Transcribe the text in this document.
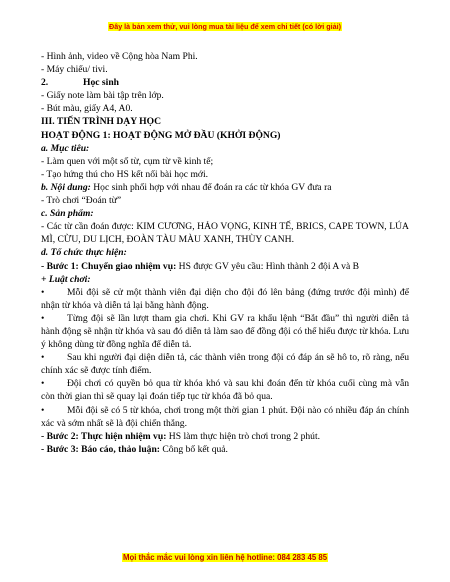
Đây là bản xem thử, vui lòng mua tài liệu để xem chi tiết (có lời giải)
- Hình ảnh, video về Cộng hòa Nam Phi.
- Máy chiếu/ tivi.
2.	Học sinh
- Giấy note làm bài tập trên lớp.
- Bút màu, giấy A4, A0.
III. TIẾN TRÌNH DẠY HỌC
HOẠT ĐỘNG 1: HOẠT ĐỘNG MỞ ĐẦU (KHỞI ĐỘNG)
a. Mục tiêu:
- Làm quen với một số từ, cụm từ về kinh tế;
- Tạo hứng thú cho HS kết nối bài học mới.
b. Nội dung: Học sinh phối hợp với nhau để đoán ra các từ khóa GV đưa ra
- Trò chơi “Đoán từ”
c. Sản phẩm:
- Các từ cần đoán được: KIM CƯƠNG, HẢO VỌNG, KINH TẾ, BRICS, CAPE TOWN, LÚA MÌ, CỪU, DU LỊCH, ĐOÀN TÀU MÀU XANH, THÙY CANH.
d. Tổ chức thực hiện:
- Bước 1: Chuyển giao nhiệm vụ: HS được GV yêu cầu: Hình thành 2 đội A và B
+ Luật chơi:
• Mỗi đội sẽ cử một thành viên đại diện cho đội đó lên bảng (đứng trước đội mình) để nhận từ khóa và diễn tả lại bằng hành động.
• Từng đội sẽ lần lượt tham gia chơi. Khi GV ra khẩu lệnh “Bắt đầu” thì người diễn tả hành động sẽ nhận từ khóa và sau đó diễn tả làm sao để đồng đội có thể hiểu được từ khóa. Lưu ý không dùng từ đồng nghĩa để diễn tả.
• Sau khi người đại diện diễn tả, các thành viên trong đội có đáp án sẽ hô to, rõ ràng, nếu chính xác sẽ được tính điểm.
• Đội chơi có quyền bỏ qua từ khóa khó và sau khi đoán đến từ khóa cuối cùng mà vẫn còn thời gian thì sẽ quay lại đoán tiếp tục từ khóa đã bỏ qua.
• Mỗi đội sẽ có 5 từ khóa, chơi trong một thời gian 1 phút. Đội nào có nhiều đáp án chính xác và sớm nhất sẽ là đội chiến thắng.
- Bước 2: Thực hiện nhiệm vụ: HS làm thực hiện trò chơi trong 2 phút.
- Bước 3: Báo cáo, thảo luận: Công bố kết quả.
Mọi thắc mắc vui lòng xin liên hệ hotline: 084 283 45 85
